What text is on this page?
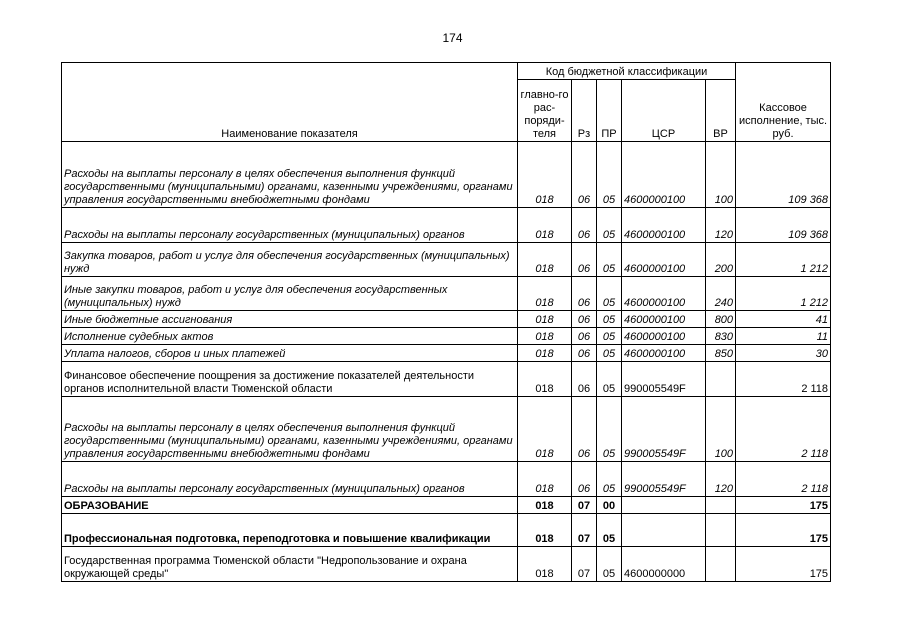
174
Наименование показателя	Код бюджетной классификации					Кассовое исполнение, тыс. руб.
	главно-го рас-поряди-теля	Рз	ПР	ЦСР	ВР	
Расходы на выплаты персоналу в целях обеспечения выполнения функций государственными (муниципальными) органами, казенными учреждениями, органами управления государственными внебюджетными фондами	018	06	05	4600000100	100	109 368
Расходы на выплаты персоналу государственных (муниципальных) органов	018	06	05	4600000100	120	109 368
Закупка товаров, работ и услуг для обеспечения государственных (муниципальных) нужд	018	06	05	4600000100	200	1 212
Иные закупки товаров, работ и услуг для обеспечения государственных (муниципальных) нужд	018	06	05	4600000100	240	1 212
Иные бюджетные ассигнования	018	06	05	4600000100	800	41
Исполнение судебных актов	018	06	05	4600000100	830	11
Уплата налогов, сборов и иных платежей	018	06	05	4600000100	850	30
Финансовое обеспечение поощрения за достижение показателей деятельности органов исполнительной власти Тюменской области	018	06	05	990005549F		2 118
Расходы на выплаты персоналу в целях обеспечения выполнения функций государственными (муниципальными) органами, казенными учреждениями, органами управления государственными внебюджетными фондами	018	06	05	990005549F	100	2 118
Расходы на выплаты персоналу государственных (муниципальных) органов	018	06	05	990005549F	120	2 118
ОБРАЗОВАНИЕ	018	07	00			175
Профессиональная подготовка, переподготовка и повышение квалификации	018	07	05			175
Государственная программа Тюменской области "Недропользование и охрана окружающей среды"	018	07	05	4600000000		175
